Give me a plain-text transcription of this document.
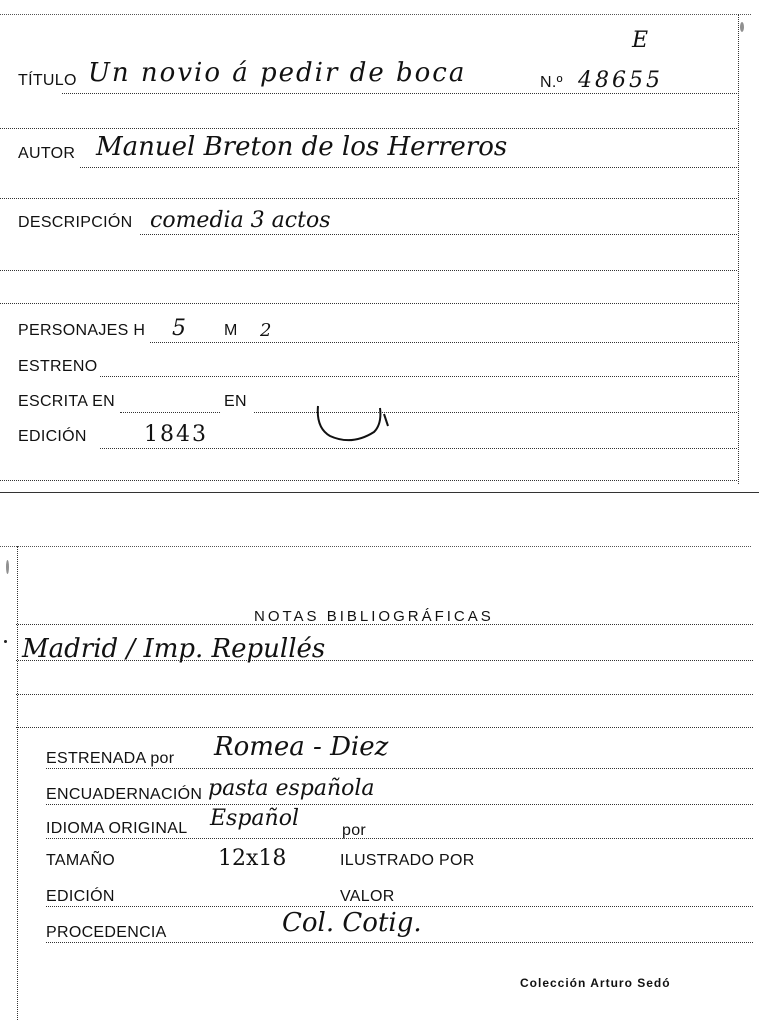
E
TÍTULO Un novio á pedir de boca	N.º 48655
AUTOR Manuel Breton de los Herreros
DESCRIPCIÓN comedia 3 actos
PERSONAJES H 5 M 2
ESTRENO
ESCRITA EN	EN
EDICIÓN	1843
NOTAS BIBLIOGRÁFICAS
Madrid / Imp. Repullés
ESTRENADA por Romea - Diez
ENCUADERNACIÓN pasta española
IDIOMA ORIGINAL Español	por
TAMAÑO	12x18	ILUSTRADO POR
EDICIÓN	VALOR
PROCEDENCIA	Col. Cotig.
Colección Arturo Sedó
